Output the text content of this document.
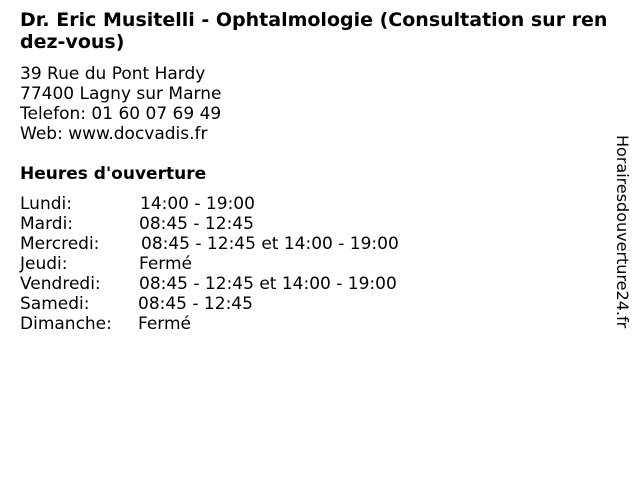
Dr. Eric Musitelli - Ophtalmologie (Consultation sur rendez-vous)
39 Rue du Pont Hardy
77400 Lagny sur Marne
Telefon: 01 60 07 69 49
Web: www.docvadis.fr
Heures d'ouverture
Lundi:	14:00 - 19:00
Mardi:	08:45 - 12:45
Mercredi: 08:45 - 12:45 et 14:00 - 19:00
Jeudi:	Fermé
Vendredi: 08:45 - 12:45 et 14:00 - 19:00
Samedi:	08:45 - 12:45
Dimanche: Fermé	Horairesdouverture24.fr
